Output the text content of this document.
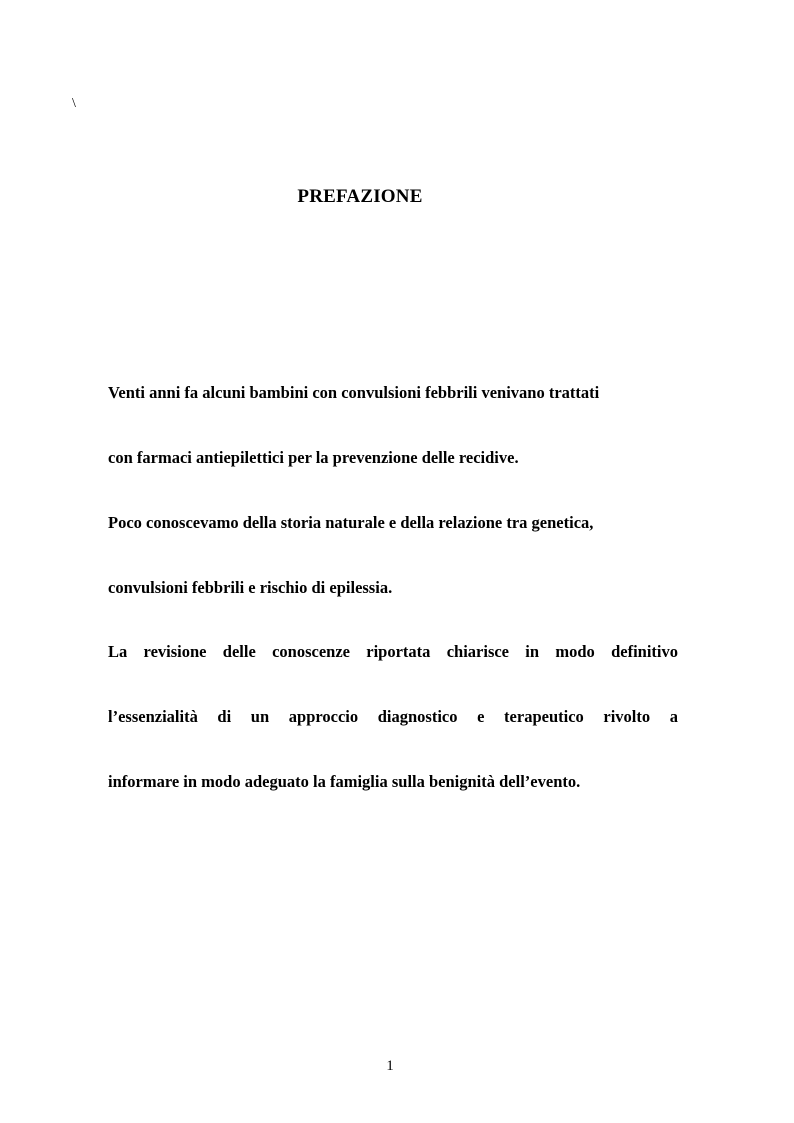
\
PREFAZIONE
Venti anni fa alcuni bambini con convulsioni febbrili venivano trattati
con farmaci antiepilettici per la prevenzione delle recidive.
Poco conoscevamo della storia naturale e della relazione tra genetica,
convulsioni febbrili e rischio di epilessia.
La revisione delle conoscenze riportata chiarisce in modo definitivo
l’essenzialità di un approccio diagnostico e terapeutico rivolto a
informare in modo adeguato la famiglia sulla benignità dell’evento.
1
